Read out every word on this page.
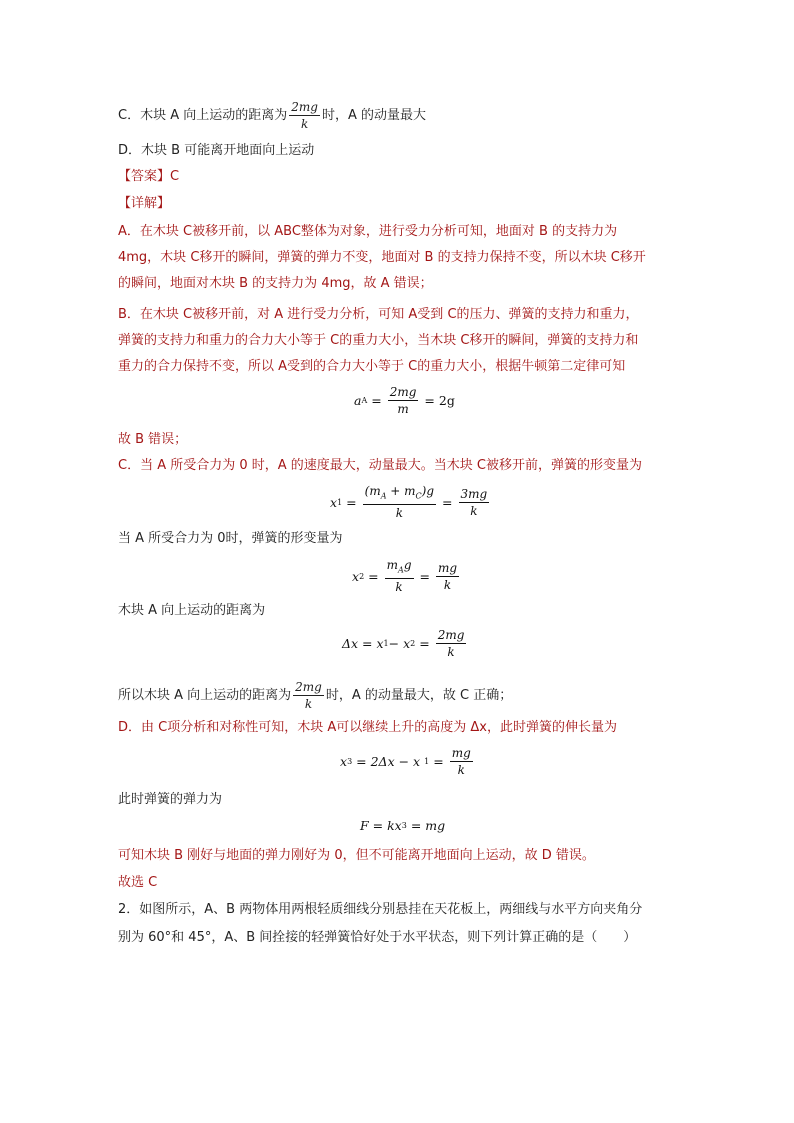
C．木块 A 向上运动的距离为 $\frac{2mg}{k}$ 时，A 的动量最大
D．木块 B 可能离开地面向上运动
【答案】C
【详解】
A．在木块 C被移开前，以 ABC整体为对象，进行受力分析可知，地面对 B 的支持力为
4mg，木块 C移开的瞬间，弹簧的弹力不变，地面对 B 的支持力保持不变，所以木块 C移开
的瞬间，地面对木块 B 的支持力为 4mg，故 A 错误；
B．在木块 C被移开前，对 A 进行受力分析，可知 A受到 C的压力、弹簧的支持力和重力，
弹簧的支持力和重力的合力大小等于 C的重力大小，当木块 C移开的瞬间，弹簧的支持力和
重力的合力保持不变，所以 A受到的合力大小等于 C的重力大小，根据牛顿第二定律可知
a $A = \frac{2mg}{m} = 2g$
故 B 错误；
C．当 A 所受合力为 0 时，A 的速度最大，动量最大。当木块 C被移开前，弹簧的形变量为
x $1 = \frac{(m_A + m_C)g}{k} = \frac{3mg}{k}$
当 A 所受合力为 0时，弹簧的形变量为
x $2 = \frac{m_Ag}{k} = \frac{mg}{k}$
木块 A 向上运动的距离为
Δx = x 1 − x $2 = \frac{2mg}{k}$
所以木块 A 向上运动的距离为 $\frac{2mg}{k}$ 时，A 的动量最大，故 C 正确；
D．由 C项分析和对称性可知，木块 A可以继续上升的高度为 Δx，此时弹簧的伸长量为
x 3 = 2Δx − x $1 = \frac{mg}{k}$
此时弹簧的弹力为
F = kx 3 = mg
可知木块 B 刚好与地面的弹力刚好为 0，但不可能离开地面向上运动，故 D 错误。
故选 C
2．如图所示，A、B 两物体用两根轻质细线分别悬挂在天花板上，两细线与水平方向夹角分
别为 60°和 45°，A、B 间拴接的轻弹簧恰好处于水平状态，则下列计算正确的是（　　）
